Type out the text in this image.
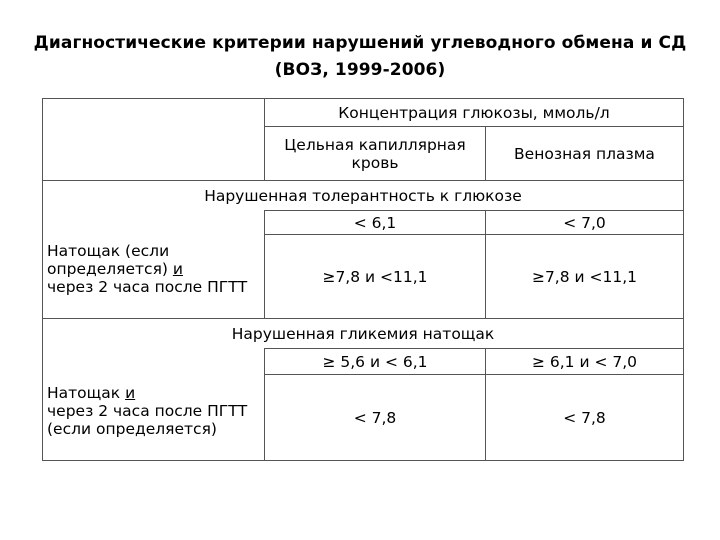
Диагностические критерии нарушений углеводного обмена и СД
(ВОЗ, 1999-2006)
	Концентрация глюкозы, ммоль/л	
	Цельная капиллярная кровь	Венозная плазма
Нарушенная толерантность к глюкозе		
Натощак (если определяется) и
через 2 часа после ПГТТ	< 6,1	< 7,0
	≥7,8 и <11,1	≥7,8 и <11,1
Нарушенная гликемия натощак		
Натощак и
через 2 часа после ПГТТ (если определяется)	≥ 5,6 и < 6,1	≥ 6,1 и < 7,0
	< 7,8	< 7,8
